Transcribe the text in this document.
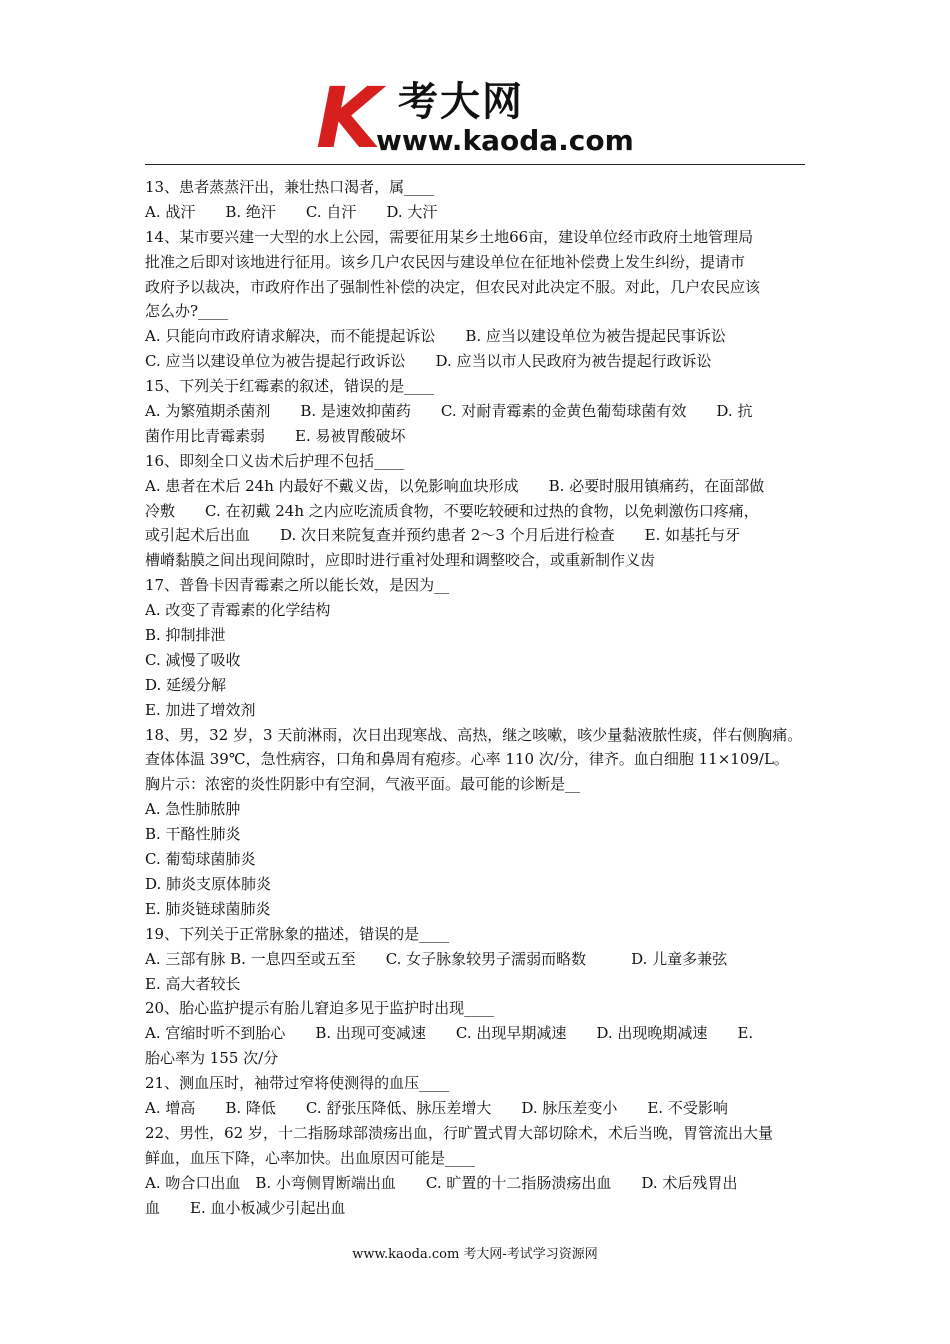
K 考大网
www.kaoda.com
13、患者蒸蒸汗出，兼壮热口渴者，属____
A. 战汗　　B. 绝汗　　C. 自汗　　D. 大汗
14、某市要兴建一大型的水上公园，需要征用某乡土地66亩，建设单位经市政府土地管理局
批准之后即对该地进行征用。该乡几户农民因与建设单位在征地补偿费上发生纠纷，提请市
政府予以裁决，市政府作出了强制性补偿的决定，但农民对此决定不服。对此，几户农民应该
怎么办?____
A. 只能向市政府请求解决，而不能提起诉讼　　B. 应当以建设单位为被告提起民事诉讼
C. 应当以建设单位为被告提起行政诉讼　　D. 应当以市人民政府为被告提起行政诉讼
15、下列关于红霉素的叙述，错误的是____
A. 为繁殖期杀菌剂　　B. 是速效抑菌药　　C. 对耐青霉素的金黄色葡萄球菌有效　　D. 抗
菌作用比青霉素弱　　E. 易被胃酸破坏
16、即刻全口义齿术后护理不包括____
A. 患者在术后 24h 内最好不戴义齿，以免影响血块形成　　B. 必要时服用镇痛药，在面部做
冷敷　　C. 在初戴 24h 之内应吃流质食物，不要吃较硬和过热的食物，以免刺激伤口疼痛，
或引起术后出血　　D. 次日来院复查并预约患者 2～3 个月后进行检查　　E. 如基托与牙
槽嵴黏膜之间出现间隙时，应即时进行重衬处理和调整咬合，或重新制作义齿
17、普鲁卡因青霉素之所以能长效，是因为__
A. 改变了青霉素的化学结构
B. 抑制排泄
C. 减慢了吸收
D. 延缓分解
E. 加进了增效剂
18、男，32 岁，3 天前淋雨，次日出现寒战、高热，继之咳嗽，咳少量黏液脓性痰，伴右侧胸痛。
查体体温 39℃，急性病容，口角和鼻周有疱疹。心率 110 次/分，律齐。血白细胞 11×109/L。
胸片示：浓密的炎性阴影中有空洞，气液平面。最可能的诊断是__
A. 急性肺脓肿
B. 干酪性肺炎
C. 葡萄球菌肺炎
D. 肺炎支原体肺炎
E. 肺炎链球菌肺炎
19、下列关于正常脉象的描述，错误的是____
A. 三部有脉 B. 一息四至或五至　　C. 女子脉象较男子濡弱而略数　　　D. 儿童多兼弦
E. 高大者较长
20、胎心监护提示有胎儿窘迫多见于监护时出现____
A. 宫缩时听不到胎心　　B. 出现可变减速　　C. 出现早期减速　　D. 出现晚期减速　　E.
胎心率为 155 次/分
21、测血压时，袖带过窄将使测得的血压____
A. 增高　　B. 降低　　C. 舒张压降低、脉压差增大　　D. 脉压差变小　　E. 不受影响
22、男性，62 岁，十二指肠球部溃疡出血，行旷置式胃大部切除术，术后当晚，胃管流出大量
鲜血，血压下降，心率加快。出血原因可能是____
A. 吻合口出血　B. 小弯侧胃断端出血　　C. 旷置的十二指肠溃疡出血　　D. 术后残胃出
血　　E. 血小板减少引起出血
www.kaoda.com 考大网-考试学习资源网
